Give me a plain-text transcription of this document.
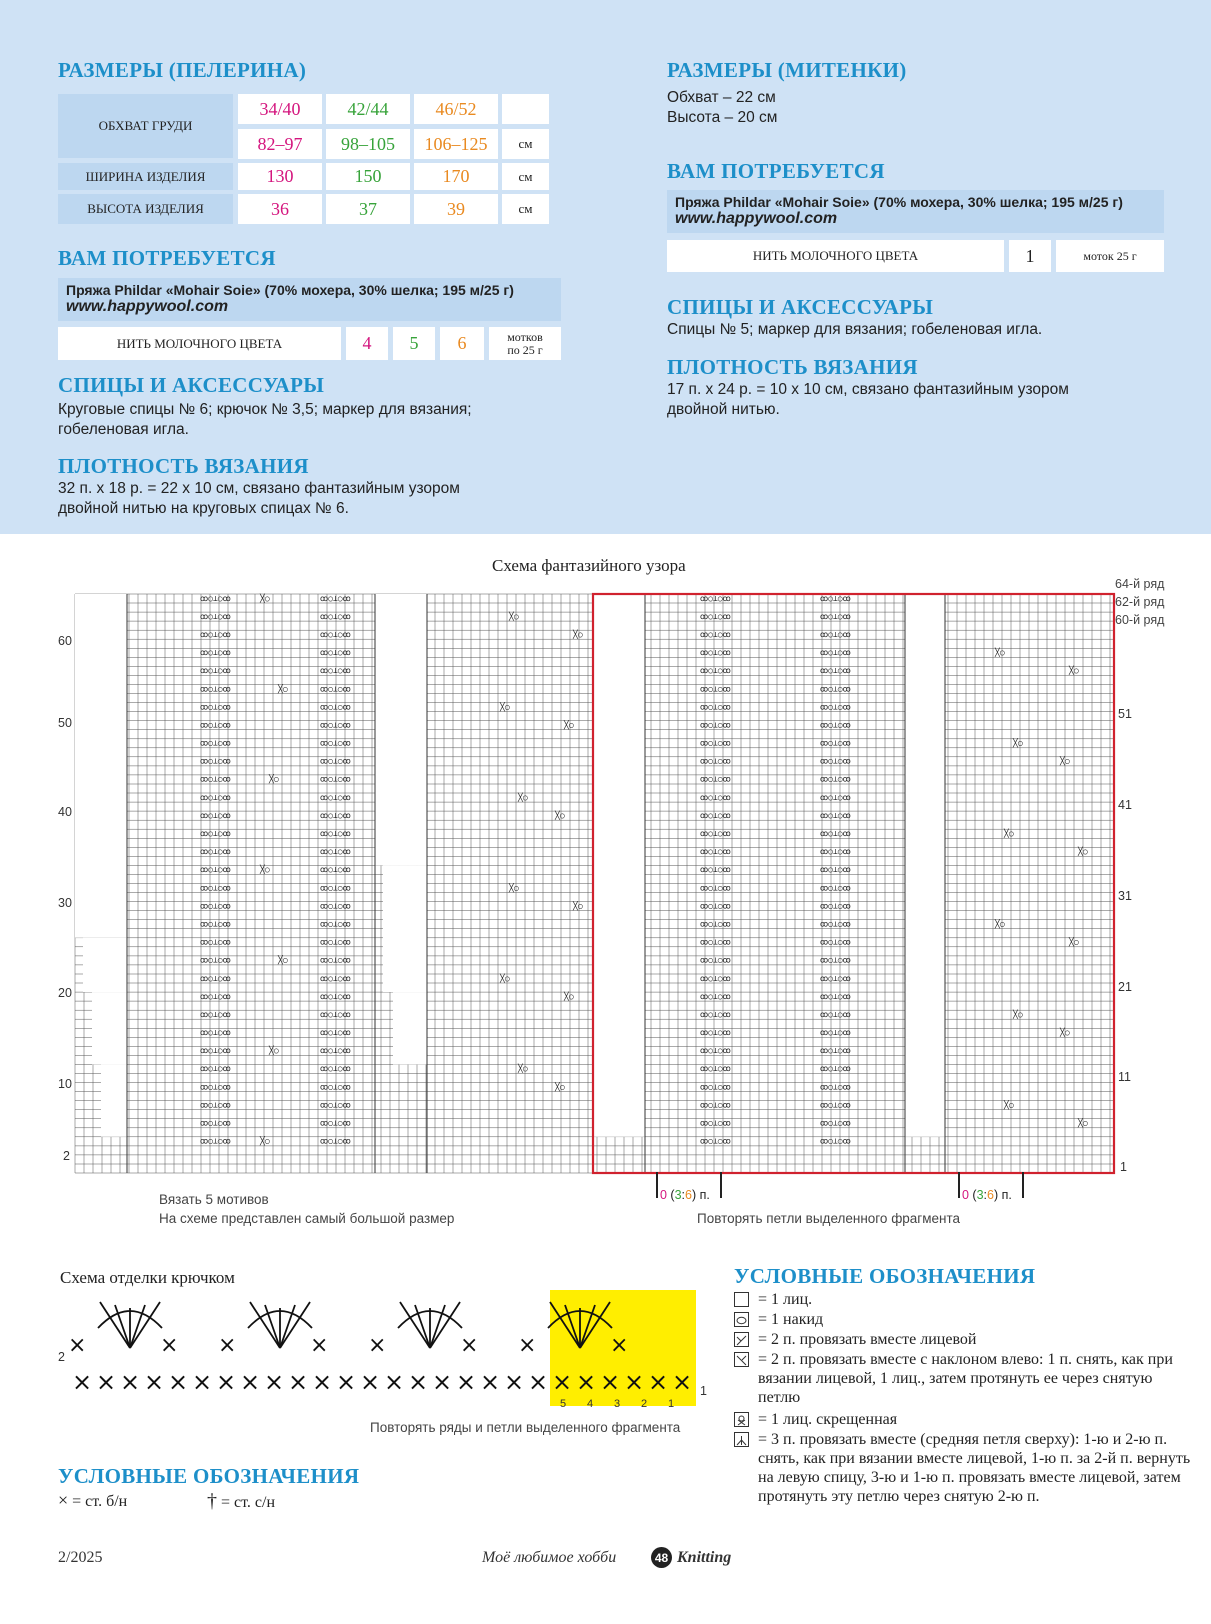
РАЗМЕРЫ (ПЕЛЕРИНА)
ОБХВАТ ГРУДИ
34/40	42/44	46/52
82–97	98–105	106–125	см
ШИРИНА ИЗДЕЛИЯ	130	150	170	см
ВЫСОТА ИЗДЕЛИЯ	36	37	39	см
ВАМ ПОТРЕБУЕТСЯ
Пряжа Phildar «Mohair Soie» (70% мохера, 30% шелка; 195 м/25 г)
www.happywool.com
НИТЬ МОЛОЧНОГО ЦВЕТА	4	5	6	мотков
по 25 г
СПИЦЫ И АКСЕССУАРЫ
Круговые спицы № 6; крючок № 3,5; маркер для вязания;
гобеленовая игла.
ПЛОТНОСТЬ ВЯЗАНИЯ
32 п. х 18 р. = 22 х 10 см, связано фантазийным узором
двойной нитью на круговых спицах № 6.
РАЗМЕРЫ (МИТЕНКИ)
Обхват – 22 см
Высота – 20 см
ВАМ ПОТРЕБУЕТСЯ
Пряжа Phildar «Mohair Soie» (70% мохера, 30% шелка; 195 м/25 г)
www.happywool.com
НИТЬ МОЛОЧНОГО ЦВЕТА	1	моток 25 г
СПИЦЫ И АКСЕССУАРЫ
Спицы № 5; маркер для вязания; гобеленовая игла.
ПЛОТНОСТЬ ВЯЗАНИЯ
17 п. х 24 р. = 10 х 10 см, связано фантазийным узором
двойной нитью.
Схема фантазийного узора
ꝏ○⊥○ꝏ	ꝏ○⊥○ꝏ	ꝏ○⊥○ꝏ	ꝏ○⊥○ꝏ
╳○
ꝏ○⊥○ꝏ	ꝏ○⊥○ꝏ	ꝏ○⊥○ꝏ	ꝏ○⊥○ꝏ
╳○
ꝏ○⊥○ꝏ	ꝏ○⊥○ꝏ	ꝏ○⊥○ꝏ	ꝏ○⊥○ꝏ
╳○
ꝏ○⊥○ꝏ	ꝏ○⊥○ꝏ	ꝏ○⊥○ꝏ	ꝏ○⊥○ꝏ	╳○
ꝏ○⊥○ꝏ	ꝏ○⊥○ꝏ	ꝏ○⊥○ꝏ	ꝏ○⊥○ꝏ	╳○
ꝏ○⊥○ꝏ	ꝏ○⊥○ꝏ	ꝏ○⊥○ꝏ	ꝏ○⊥○ꝏ
╳○
ꝏ○⊥○ꝏ	ꝏ○⊥○ꝏ	ꝏ○⊥○ꝏ	ꝏ○⊥○ꝏ
╳○
ꝏ○⊥○ꝏ	ꝏ○⊥○ꝏ	ꝏ○⊥○ꝏ	ꝏ○⊥○ꝏ
╳○
ꝏ○⊥○ꝏ	ꝏ○⊥○ꝏ	ꝏ○⊥○ꝏ	ꝏ○⊥○ꝏ	╳○
ꝏ○⊥○ꝏ	ꝏ○⊥○ꝏ	ꝏ○⊥○ꝏ	ꝏ○⊥○ꝏ	╳○
ꝏ○⊥○ꝏ	ꝏ○⊥○ꝏ	ꝏ○⊥○ꝏ	ꝏ○⊥○ꝏ
╳○
ꝏ○⊥○ꝏ	ꝏ○⊥○ꝏ	ꝏ○⊥○ꝏ	ꝏ○⊥○ꝏ
╳○
ꝏ○⊥○ꝏ	ꝏ○⊥○ꝏ	ꝏ○⊥○ꝏ	ꝏ○⊥○ꝏ
╳○
ꝏ○⊥○ꝏ	ꝏ○⊥○ꝏ	ꝏ○⊥○ꝏ	ꝏ○⊥○ꝏ	╳○
ꝏ○⊥○ꝏ	ꝏ○⊥○ꝏ	ꝏ○⊥○ꝏ	ꝏ○⊥○ꝏ	╳○
ꝏ○⊥○ꝏ	ꝏ○⊥○ꝏ	ꝏ○⊥○ꝏ	ꝏ○⊥○ꝏ
╳○
ꝏ○⊥○ꝏ	ꝏ○⊥○ꝏ	ꝏ○⊥○ꝏ	ꝏ○⊥○ꝏ
╳○
ꝏ○⊥○ꝏ	ꝏ○⊥○ꝏ	ꝏ○⊥○ꝏ	ꝏ○⊥○ꝏ
╳○
ꝏ○⊥○ꝏ	ꝏ○⊥○ꝏ	ꝏ○⊥○ꝏ	ꝏ○⊥○ꝏ	╳○
ꝏ○⊥○ꝏ	ꝏ○⊥○ꝏ	ꝏ○⊥○ꝏ	ꝏ○⊥○ꝏ	╳○
ꝏ○⊥○ꝏ	ꝏ○⊥○ꝏ	ꝏ○⊥○ꝏ	ꝏ○⊥○ꝏ
╳○
ꝏ○⊥○ꝏ	ꝏ○⊥○ꝏ	ꝏ○⊥○ꝏ	ꝏ○⊥○ꝏ
╳○
ꝏ○⊥○ꝏ	ꝏ○⊥○ꝏ	ꝏ○⊥○ꝏ	ꝏ○⊥○ꝏ
╳○
ꝏ○⊥○ꝏ	ꝏ○⊥○ꝏ	ꝏ○⊥○ꝏ	ꝏ○⊥○ꝏ	╳○
ꝏ○⊥○ꝏ	ꝏ○⊥○ꝏ	ꝏ○⊥○ꝏ	ꝏ○⊥○ꝏ	╳○
ꝏ○⊥○ꝏ	ꝏ○⊥○ꝏ	ꝏ○⊥○ꝏ	ꝏ○⊥○ꝏ
╳○
ꝏ○⊥○ꝏ	ꝏ○⊥○ꝏ	ꝏ○⊥○ꝏ	ꝏ○⊥○ꝏ
╳○
ꝏ○⊥○ꝏ	ꝏ○⊥○ꝏ	ꝏ○⊥○ꝏ	ꝏ○⊥○ꝏ
╳○
ꝏ○⊥○ꝏ	ꝏ○⊥○ꝏ	ꝏ○⊥○ꝏ	ꝏ○⊥○ꝏ	╳○
ꝏ○⊥○ꝏ	ꝏ○⊥○ꝏ	ꝏ○⊥○ꝏ	ꝏ○⊥○ꝏ	╳○
ꝏ○⊥○ꝏ	ꝏ○⊥○ꝏ	ꝏ○⊥○ꝏ	ꝏ○⊥○ꝏ
╳○
64-й ряд
62-й ряд
60-й ряд
60
50
40
30
20
10
2
51
41
31
21
11
1
0 (3:6) п.	0 (3:6) п.
Вязать 5 мотивов
На схеме представлен самый большой размер	Повторять петли выделенного фрагмента
Схема отделки крючком
× × × × × × × × × × × × × × × × × × × × × × × × × ×
×	× ×	× ×	× ×	×
2
1
5 4 3 2 1
Повторять ряды и петли выделенного фрагмента
УСЛОВНЫЕ ОБОЗНАЧЕНИЯ
× = ст. б/н	† = ст. с/н
УСЛОВНЫЕ ОБОЗНАЧЕНИЯ
= 1 лиц.
= 1 накид
= 2 п. провязать вместе лицевой
= 2 п. провязать вместе с наклоном влево: 1 п. снять, как при вязании лицевой, 1 лиц., затем протянуть ее через снятую петлю
= 1 лиц. скрещенная
= 3 п. провязать вместе (средняя петля сверху): 1-ю и 2-ю п. снять, как при вязании вместе лицевой, 1-ю п. за 2-й п. вернуть на левую спицу, 3-ю и 1-ю п. провязать вместе лицевой, затем протянуть эту петлю через снятую 2-ю п.
2/2025	Моё любимое хобби	48 Knitting
